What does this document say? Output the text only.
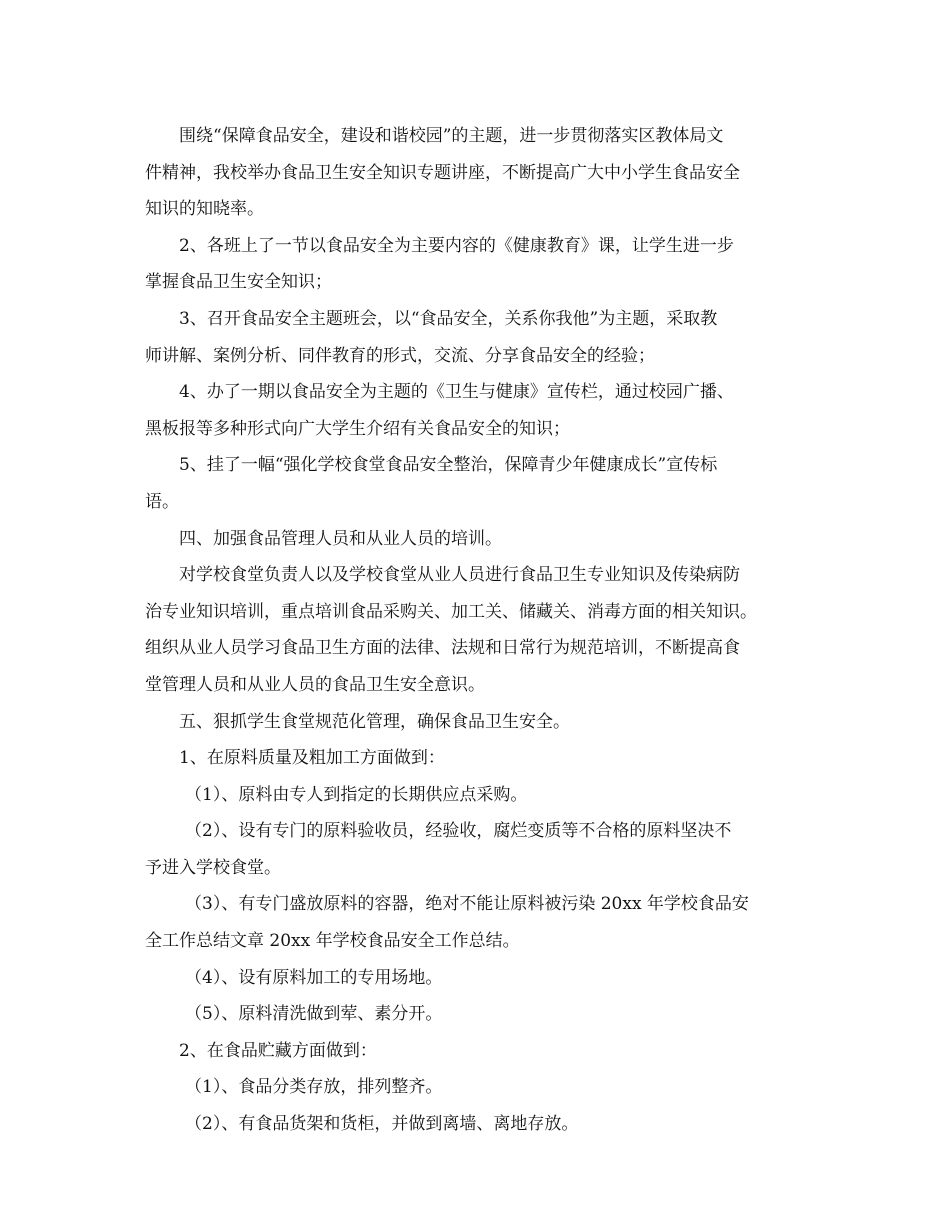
围绕“保障食品安全，建设和谐校园”的主题，进一步贯彻落实区教体局文
件精神，我校举办食品卫生安全知识专题讲座，不断提高广大中小学生食品安全
知识的知晓率。
2、各班上了一节以食品安全为主要内容的《健康教育》课，让学生进一步
掌握食品卫生安全知识；
3、召开食品安全主题班会，以“食品安全，关系你我他”为主题，采取教
师讲解、案例分析、同伴教育的形式，交流、分享食品安全的经验；
4、办了一期以食品安全为主题的《卫生与健康》宣传栏，通过校园广播、
黑板报等多种形式向广大学生介绍有关食品安全的知识；
5、挂了一幅“强化学校食堂食品安全整治，保障青少年健康成长”宣传标
语。
四、加强食品管理人员和从业人员的培训。
对学校食堂负责人以及学校食堂从业人员进行食品卫生专业知识及传染病防
治专业知识培训，重点培训食品采购关、加工关、储藏关、消毒方面的相关知识。
组织从业人员学习食品卫生方面的法律、法规和日常行为规范培训，不断提高食
堂管理人员和从业人员的食品卫生安全意识。
五、狠抓学生食堂规范化管理，确保食品卫生安全。
1、在原料质量及粗加工方面做到：
（1）、原料由专人到指定的长期供应点采购。
（2）、设有专门的原料验收员，经验收，腐烂变质等不合格的原料坚决不
予进入学校食堂。
（3）、有专门盛放原料的容器，绝对不能让原料被污染 20xx 年学校食品安
全工作总结文章 20xx 年学校食品安全工作总结。
（4）、设有原料加工的专用场地。
（5）、原料清洗做到荤、素分开。
2、在食品贮藏方面做到：
（1）、食品分类存放，排列整齐。
（2）、有食品货架和货柜，并做到离墙、离地存放。
